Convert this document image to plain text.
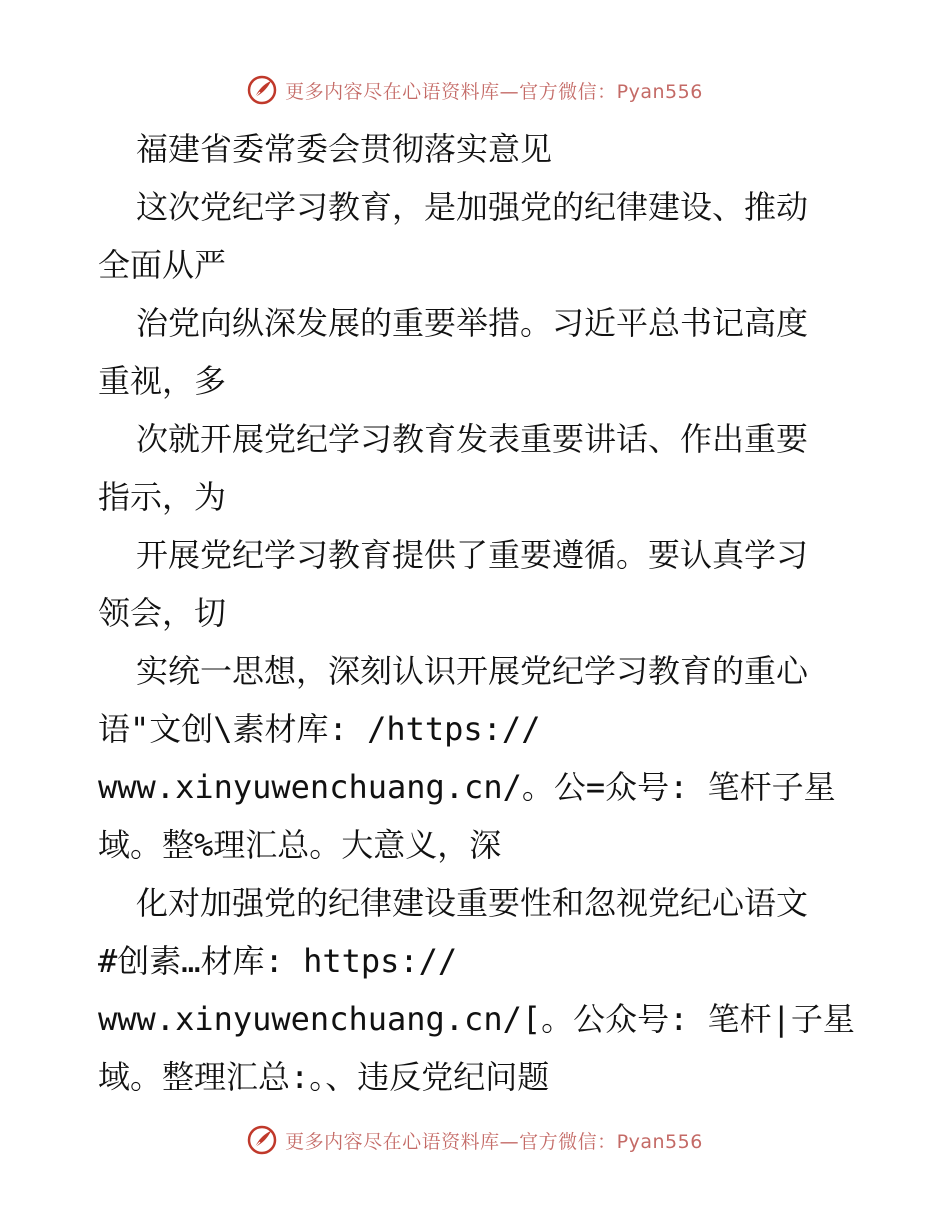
更多内容尽在心语资料库—官方微信：Pyan556
福建省委常委会贯彻落实意见
这次党纪学习教育，是加强党的纪律建设、推动
全面从严
治党向纵深发展的重要举措。习近平总书记高度
重视，多
次就开展党纪学习教育发表重要讲话、作出重要
指示，为
开展党纪学习教育提供了重要遵循。要认真学习
领会，切
实统一思想，深刻认识开展党纪学习教育的重心
语"文创\素材库: /https://
www.xinyuwenchuang.cn/。公=众号: 笔杆子星
域。整%理汇总。大意义，深
化对加强党的纪律建设重要性和忽视党纪心语文
#创素…材库: https://
www.xinyuwenchuang.cn/[。公众号: 笔杆|子星
域。整理汇总:。、违反党纪问题
更多内容尽在心语资料库—官方微信：Pyan556
